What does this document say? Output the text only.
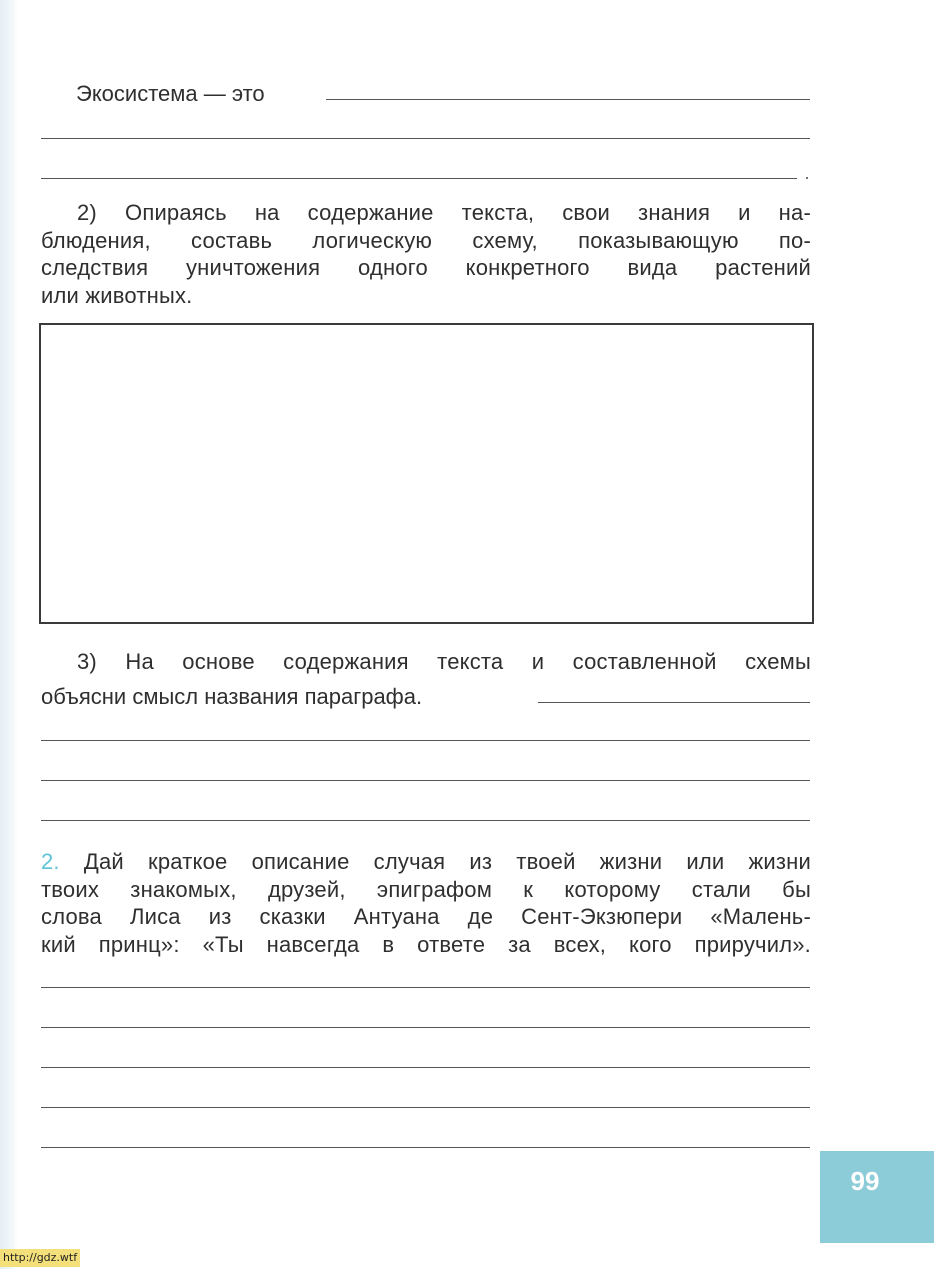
Экосистема — это
2) Опираясь на содержание текста, свои знания и на-
блюдения, составь логическую схему, показывающую по-
следствия уничтожения одного конкретного вида растений
или животных.
3) На основе содержания текста и составленной схемы
объясни смысл названия параграфа.
2. Дай краткое описание случая из твоей жизни или жизни
твоих знакомых, друзей, эпиграфом к которому стали бы
слова Лиса из сказки Антуана де Сент-Экзюпери «Малень-
кий принц»: «Ты навсегда в ответе за всех, кого приручил».
99
http://gdz.wtf
